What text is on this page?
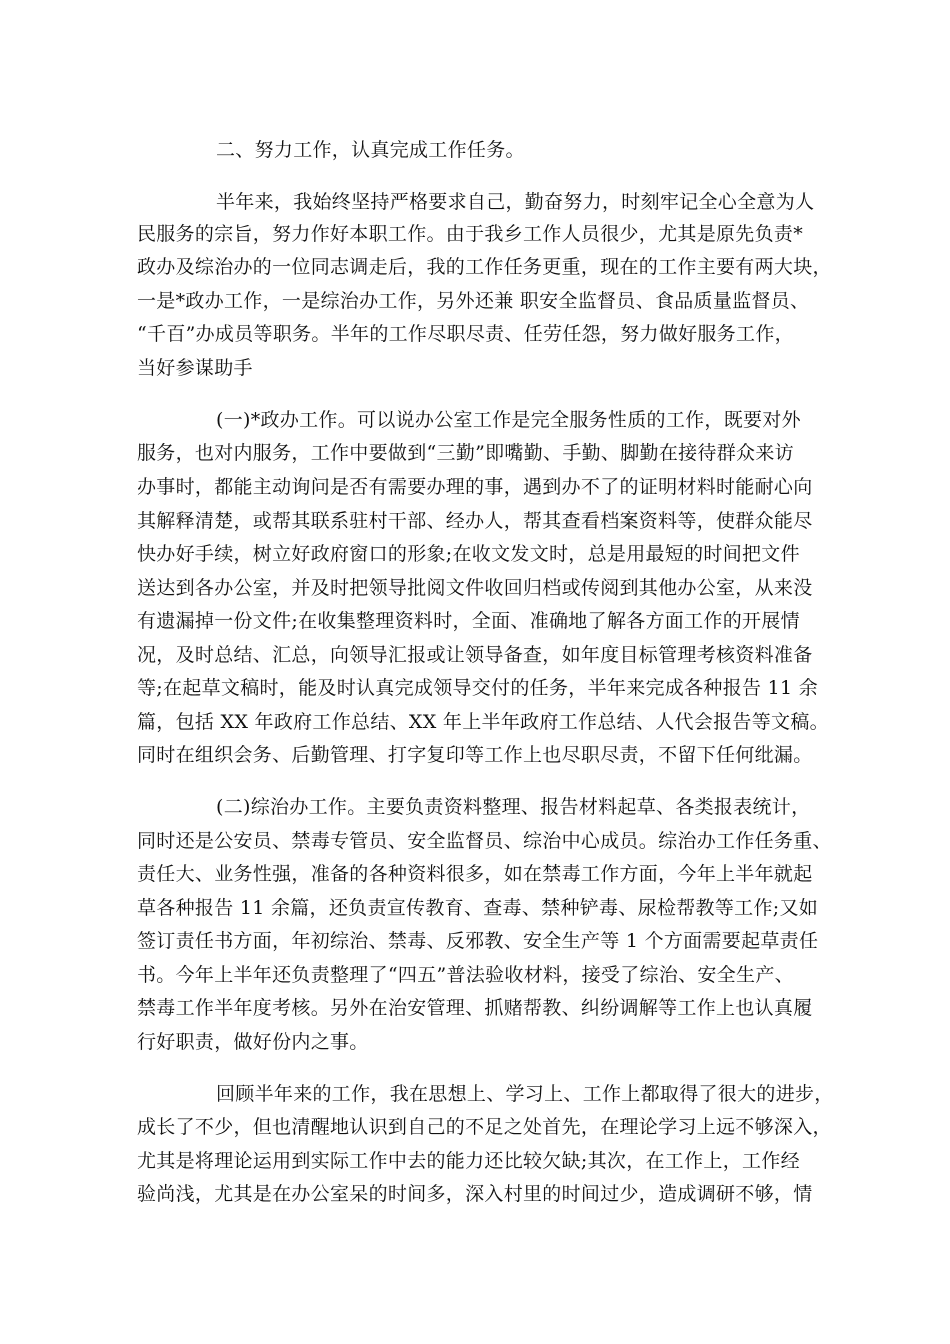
二、努力工作，认真完成工作任务。

半年来，我始终坚持严格要求自己，勤奋努力，时刻牢记全心全意为人

民服务的宗旨，努力作好本职工作。由于我乡工作人员很少，尤其是原先负责*

政办及综治办的一位同志调走后，我的工作任务更重，现在的工作主要有两大块，

一是*政办工作，一是综治办工作，另外还兼 职安全监督员、食品质量监督员、

“千百”办成员等职务。半年的工作尽职尽责、任劳任怨，努力做好服务工作，

当好参谋助手

(一)*政办工作。可以说办公室工作是完全服务性质的工作，既要对外

服务，也对内服务，工作中要做到“三勤”即嘴勤、手勤、脚勤在接待群众来访

办事时，都能主动询问是否有需要办理的事，遇到办不了的证明材料时能耐心向

其解释清楚，或帮其联系驻村干部、经办人，帮其查看档案资料等，使群众能尽

快办好手续，树立好政府窗口的形象;在收文发文时，总是用最短的时间把文件

送达到各办公室，并及时把领导批阅文件收回归档或传阅到其他办公室，从来没

有遗漏掉一份文件;在收集整理资料时，全面、准确地了解各方面工作的开展情

况，及时总结、汇总，向领导汇报或让领导备查，如年度目标管理考核资料准备

等;在起草文稿时，能及时认真完成领导交付的任务，半年来完成各种报告 11 余

篇，包括 XX 年政府工作总结、XX 年上半年政府工作总结、人代会报告等文稿。

同时在组织会务、后勤管理、打字复印等工作上也尽职尽责，不留下任何纰漏。

(二)综治办工作。主要负责资料整理、报告材料起草、各类报表统计，

同时还是公安员、禁毒专管员、安全监督员、综治中心成员。综治办工作任务重、

责任大、业务性强，准备的各种资料很多，如在禁毒工作方面，今年上半年就起

草各种报告 11 余篇，还负责宣传教育、查毒、禁种铲毒、尿检帮教等工作;又如

签订责任书方面，年初综治、禁毒、反邪教、安全生产等 1 个方面需要起草责任

书。今年上半年还负责整理了“四五”普法验收材料，接受了综治、安全生产、

禁毒工作半年度考核。另外在治安管理、抓赌帮教、纠纷调解等工作上也认真履

行好职责，做好份内之事。

回顾半年来的工作，我在思想上、学习上、工作上都取得了很大的进步，

成长了不少，但也清醒地认识到自己的不足之处首先，在理论学习上远不够深入，

尤其是将理论运用到实际工作中去的能力还比较欠缺;其次，在工作上，工作经

验尚浅，尤其是在办公室呆的时间多，深入村里的时间过少，造成调研不够，情
